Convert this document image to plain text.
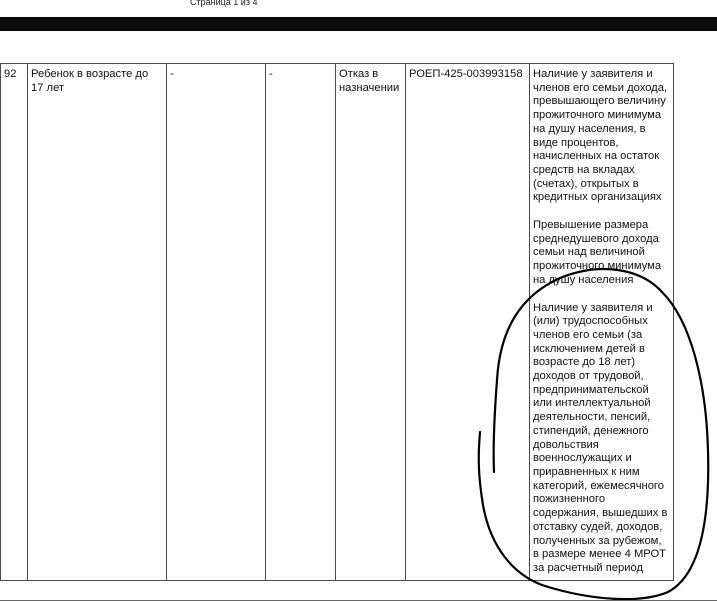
Страница 1 из 4
92	Ребенок в возрасте до 17 лет	-	-	Отказ в назначении	РОЕП-425-003993158	Наличие у заявителя и членов его семьи дохода, превышающего величину прожиточного минимума на душу населения, в виде процентов, начисленных на остаток средств на вкладах (счетах), открытых в кредитных организациях
Превышение размера среднедушевого дохода семьи над величиной прожиточного минимума на душу населения
Наличие у заявителя и (или) трудоспособных членов его семьи (за исключением детей в возрасте до 18 лет) доходов от трудовой, предпринимательской или интеллектуальной деятельности, пенсий, стипендий, денежного довольствия военнослужащих и приравненных к ним категорий, ежемесячного пожизненного содержания, вышедших в отставку судей, доходов, полученных за рубежом, в размере менее 4 МРОТ за расчетный период
